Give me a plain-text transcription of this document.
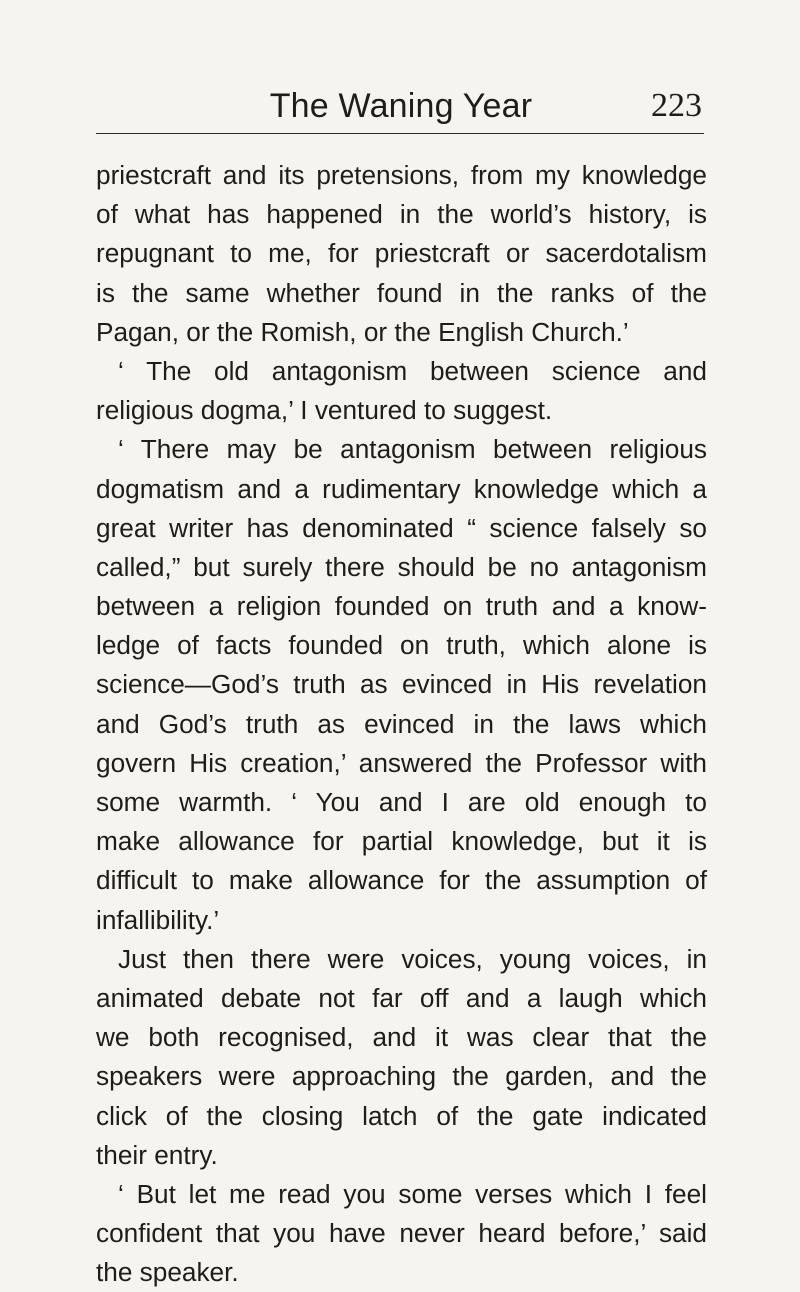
The Waning Year	223
priestcraft and its pretensions, from my knowledge
of what has happened in the world’s history, is
repugnant to me, for priestcraft or sacerdotalism
is the same whether found in the ranks of the
Pagan, or the Romish, or the English Church.’
‘ The old antagonism between science and
religious dogma,’ I ventured to suggest.
‘ There may be antagonism between religious
dogmatism and a rudimentary knowledge which a
great writer has denominated “ science falsely so
called,” but surely there should be no antagonism
between a religion founded on truth and a know-
ledge of facts founded on truth, which alone is
science—God’s truth as evinced in His revelation
and God’s truth as evinced in the laws which
govern His creation,’ answered the Professor with
some warmth. ‘ You and I are old enough to
make allowance for partial knowledge, but it is
difficult to make allowance for the assumption of
infallibility.’
Just then there were voices, young voices, in
animated debate not far off and a laugh which
we both recognised, and it was clear that the
speakers were approaching the garden, and the
click of the closing latch of the gate indicated
their entry.
‘ But let me read you some verses which I feel
confident that you have never heard before,’ said
the speaker.
